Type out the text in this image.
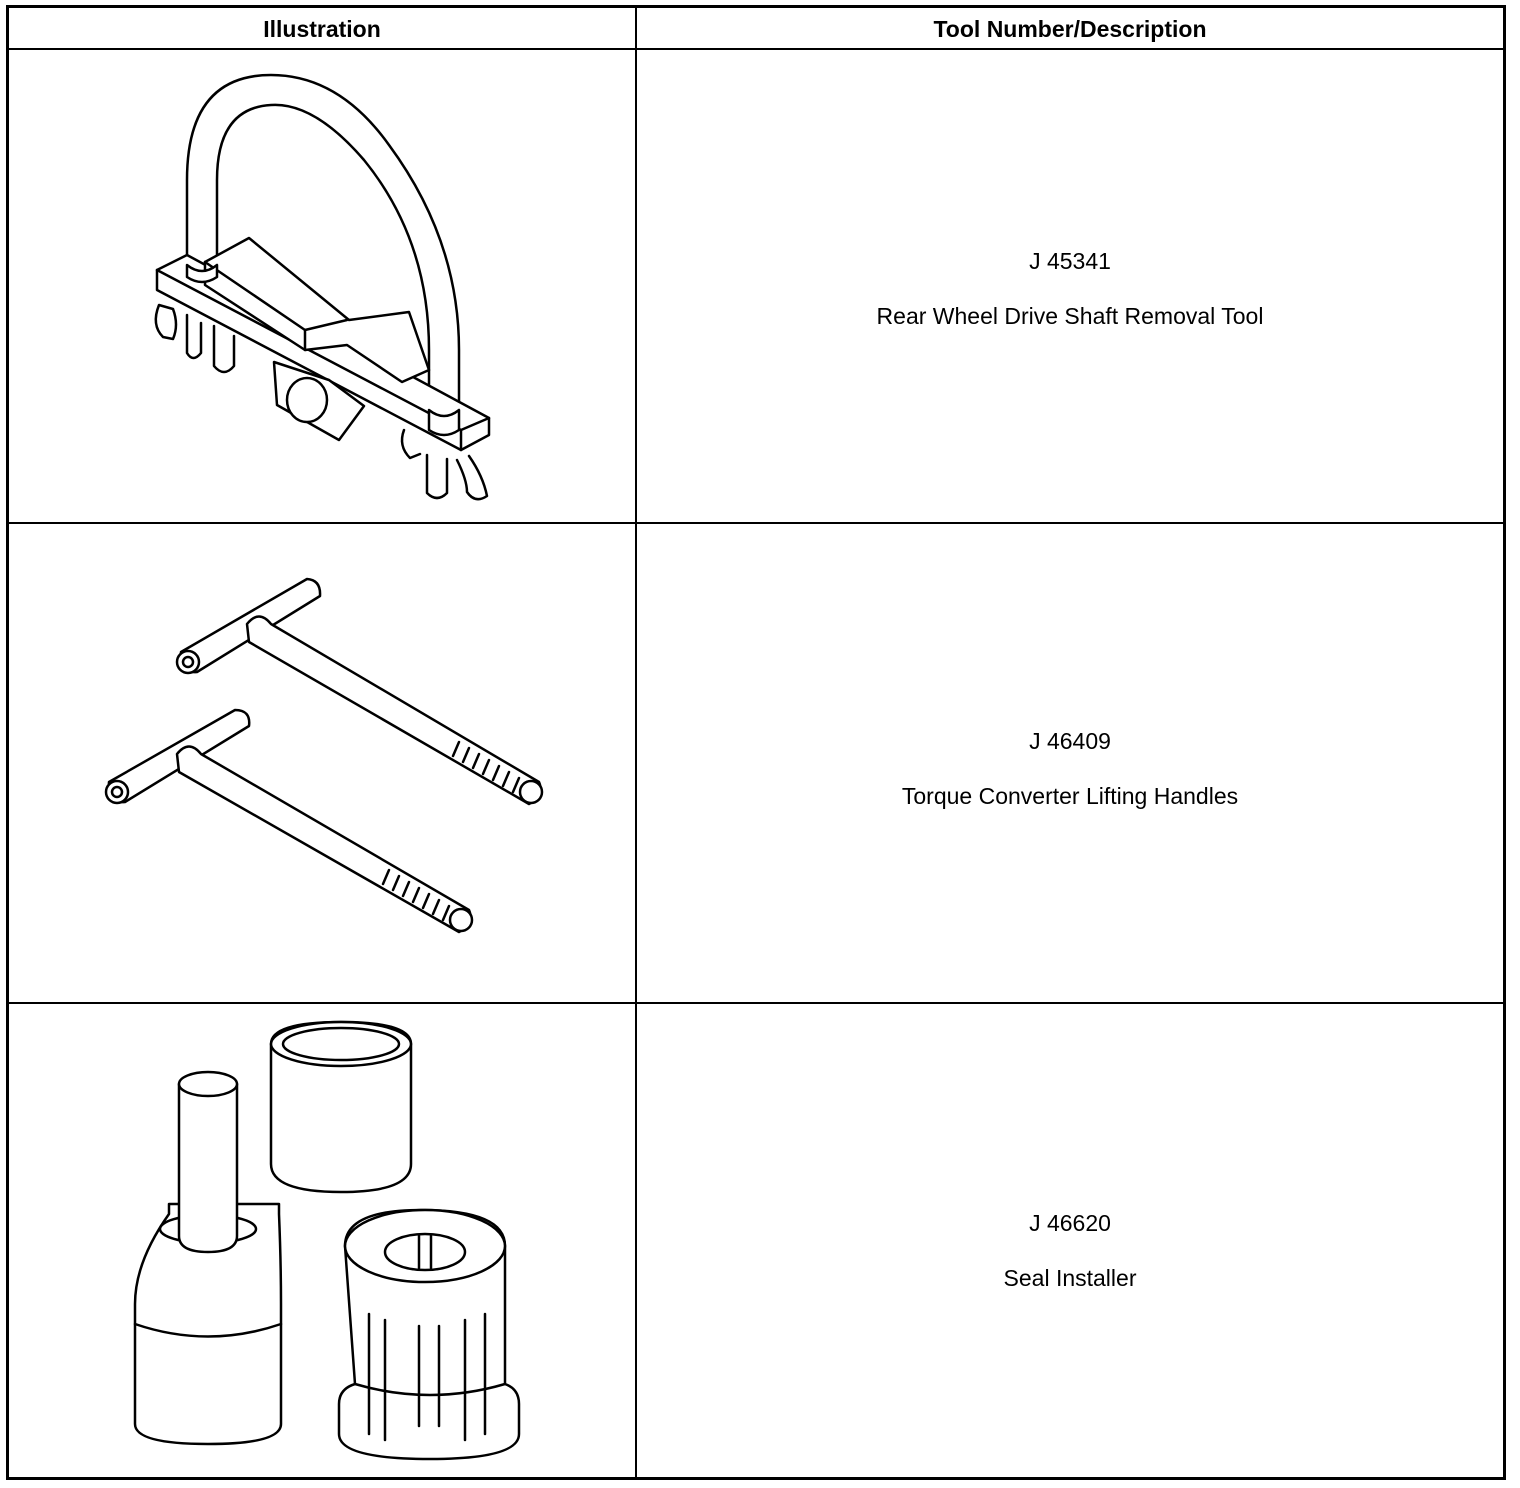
Illustration	Tool Number/Description
J 45341
Rear Wheel Drive Shaft Removal Tool
J 46409
Torque Converter Lifting Handles
J 46620
Seal Installer
